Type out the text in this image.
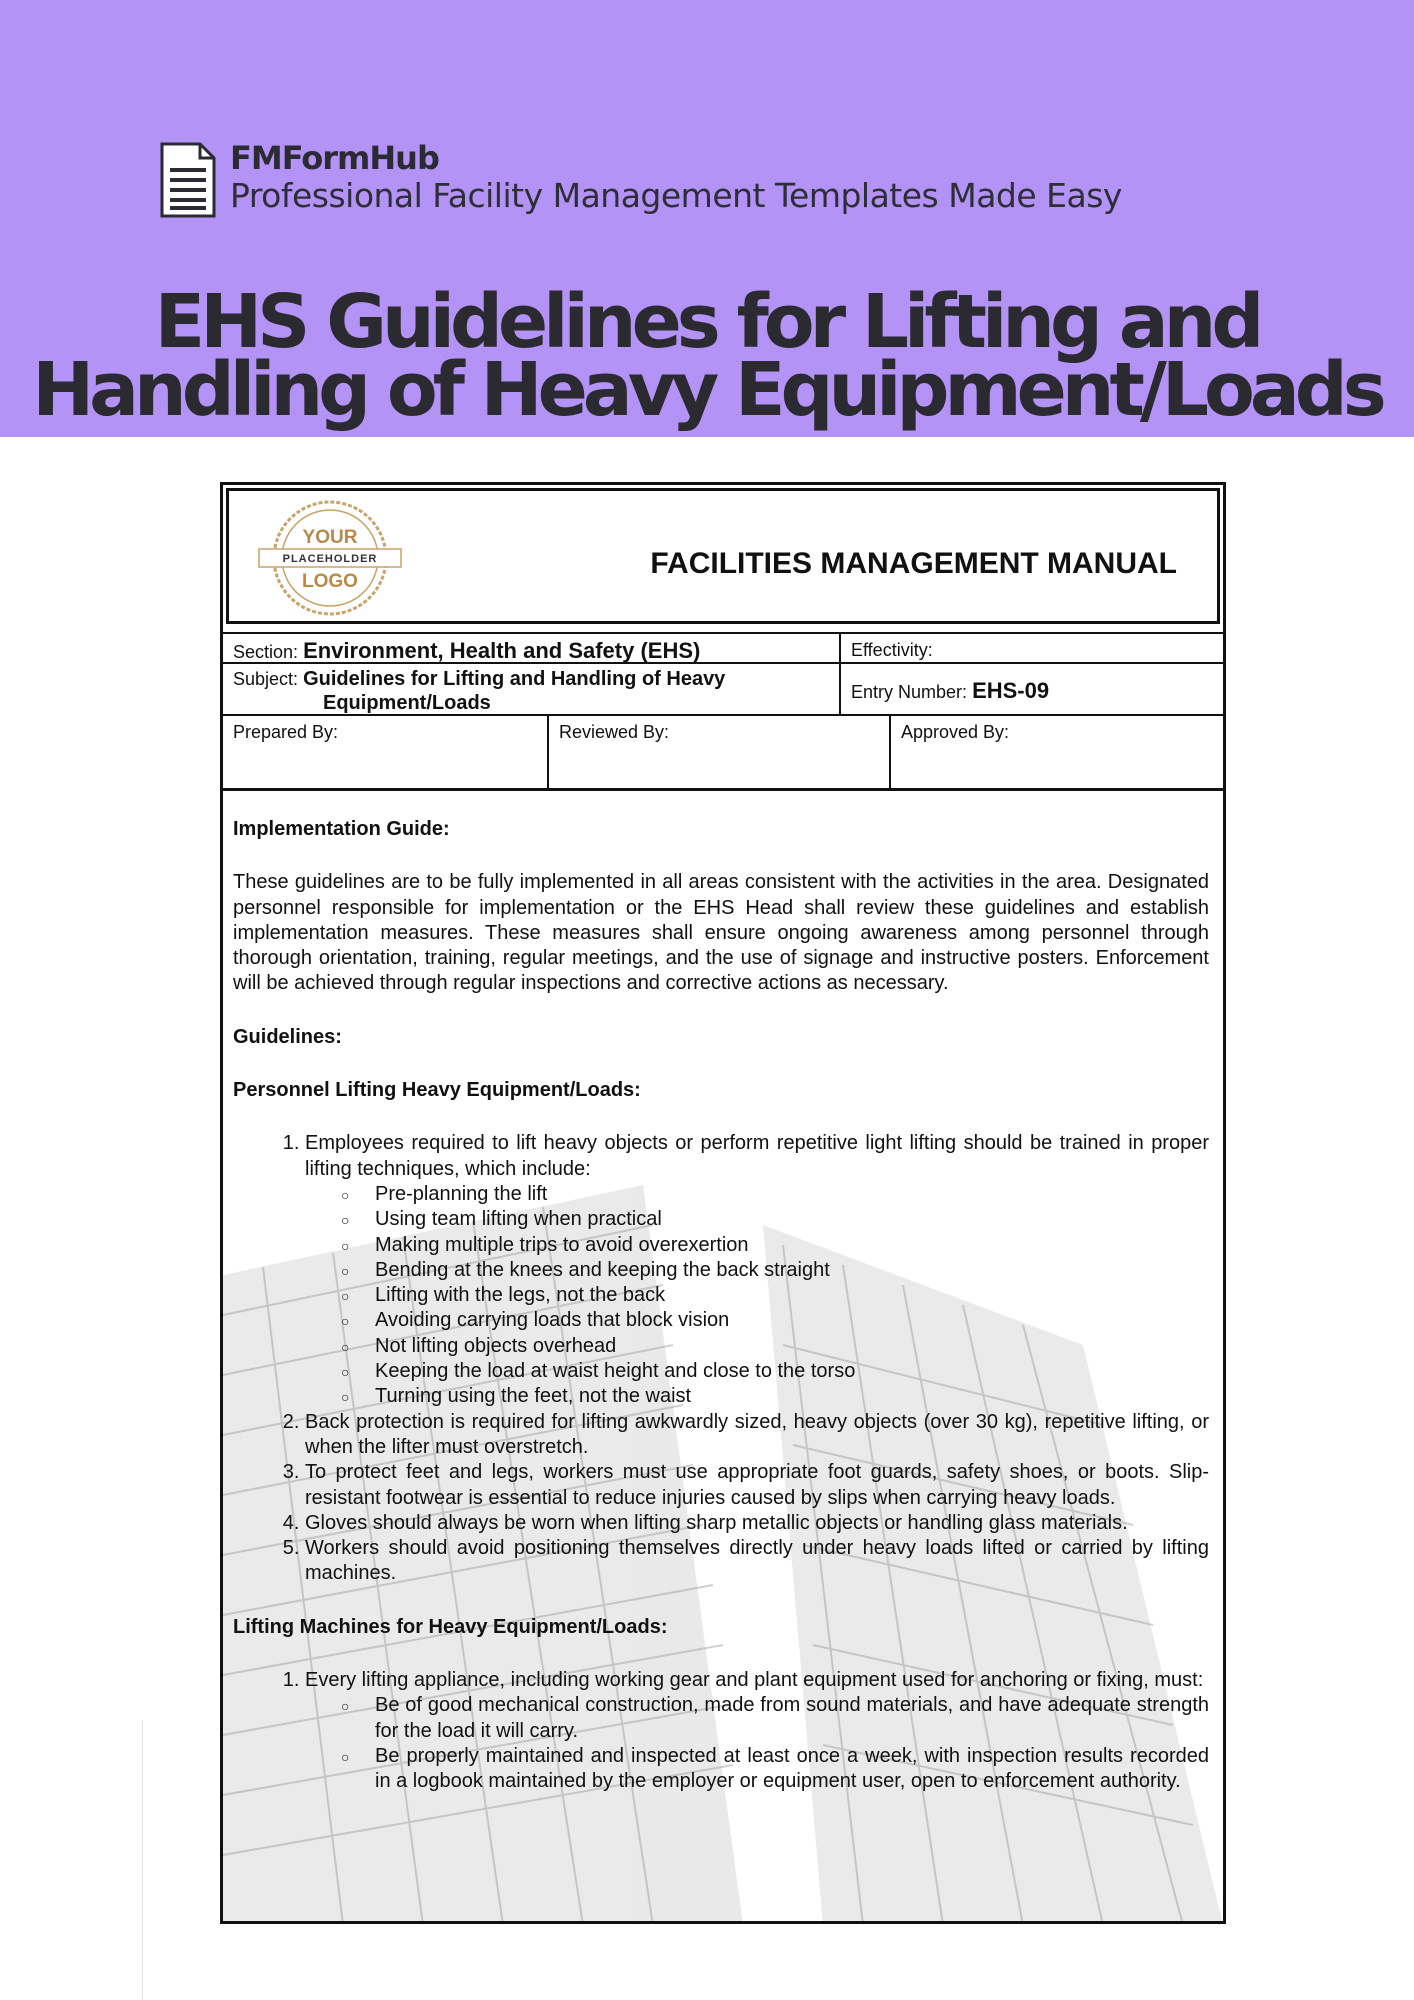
FMFormHub
Professional Facility Management Templates Made Easy
EHS Guidelines for Lifting and
Handling of Heavy Equipment/Loads
YOUR
PLACEHOLDER
LOGO
FACILITIES MANAGEMENT MANUAL
Section: Environment, Health and Safety (EHS)	Effectivity:
Subject: Guidelines for Lifting and Handling of Heavy
Equipment/Loads	Entry Number: EHS-09
Prepared By:	Reviewed By:	Approved By:

Implementation Guide:

These guidelines are to be fully implemented in all areas consistent with the activities in the area. Designated personnel responsible for implementation or the EHS Head shall review these guidelines and establish implementation measures. These measures shall ensure ongoing awareness among personnel through thorough orientation, training, regular meetings, and the use of signage and instructive posters. Enforcement will be achieved through regular inspections and corrective actions as necessary.

Guidelines:

Personnel Lifting Heavy Equipment/Loads:

1. Employees required to lift heavy objects or perform repetitive light lifting should be trained in proper lifting techniques, which include:
○ Pre-planning the lift
○ Using team lifting when practical
○ Making multiple trips to avoid overexertion
○ Bending at the knees and keeping the back straight
○ Lifting with the legs, not the back
○ Avoiding carrying loads that block vision
○ Not lifting objects overhead
○ Keeping the load at waist height and close to the torso
○ Turning using the feet, not the waist
2. Back protection is required for lifting awkwardly sized, heavy objects (over 30 kg), repetitive lifting, or when the lifter must overstretch.
3. To protect feet and legs, workers must use appropriate foot guards, safety shoes, or boots. Slip-resistant footwear is essential to reduce injuries caused by slips when carrying heavy loads.
4. Gloves should always be worn when lifting sharp metallic objects or handling glass materials.
5. Workers should avoid positioning themselves directly under heavy loads lifted or carried by lifting machines.

Lifting Machines for Heavy Equipment/Loads:

1. Every lifting appliance, including working gear and plant equipment used for anchoring or fixing, must:
○ Be of good mechanical construction, made from sound materials, and have adequate strength for the load it will carry.
○ Be properly maintained and inspected at least once a week, with inspection results recorded in a logbook maintained by the employer or equipment user, open to enforcement authority.
